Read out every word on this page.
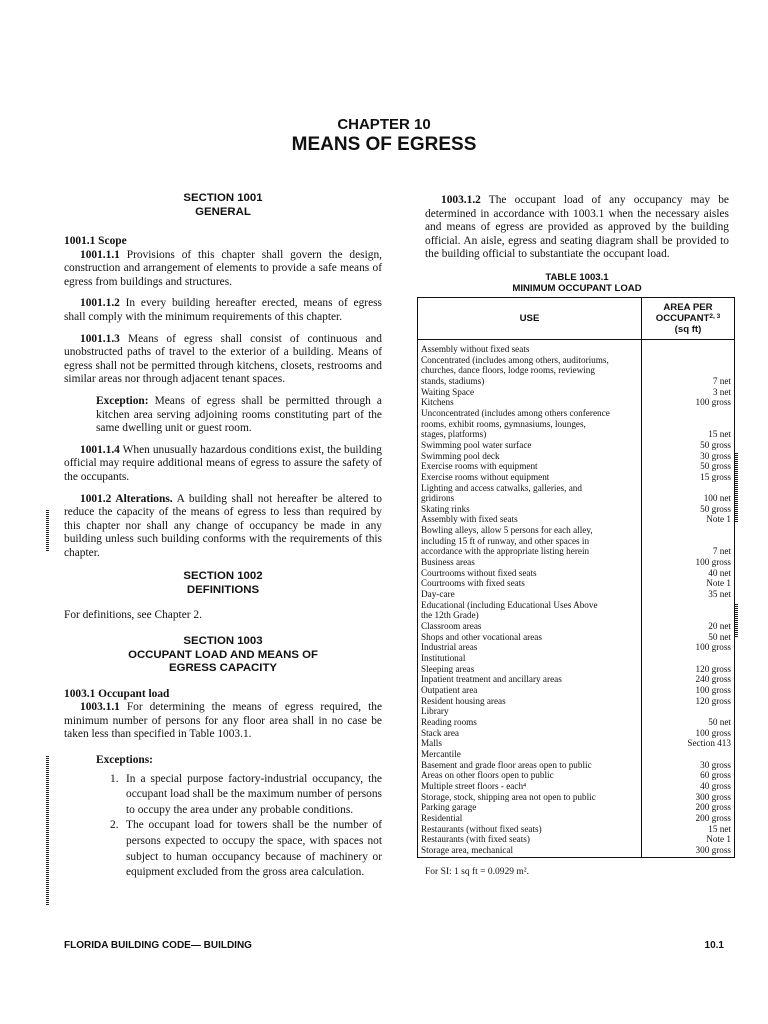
CHAPTER 10
MEANS OF EGRESS
SECTION 1001
GENERAL

1001.1 Scope

1001.1.1 Provisions of this chapter shall govern the design, construction and arrangement of elements to provide a safe means of egress from buildings and structures.

1001.1.2 In every building hereafter erected, means of egress shall comply with the minimum requirements of this chapter.

1001.1.3 Means of egress shall consist of continuous and unobstructed paths of travel to the exterior of a building. Means of egress shall not be permitted through kitchens, closets, restrooms and similar areas nor through adjacent tenant spaces.

Exception: Means of egress shall be permitted through a kitchen area serving adjoining rooms constituting part of the same dwelling unit or guest room.

1001.1.4 When unusually hazardous conditions exist, the building official may require additional means of egress to assure the safety of the occupants.

1001.2 Alterations. A building shall not hereafter be altered to reduce the capacity of the means of egress to less than required by this chapter nor shall any change of occupancy be made in any building unless such building conforms with the requirements of this chapter.

SECTION 1002
DEFINITIONS

For definitions, see Chapter 2.

SECTION 1003
OCCUPANT LOAD AND MEANS OF
EGRESS CAPACITY

1003.1 Occupant load

1003.1.1 For determining the means of egress required, the minimum number of persons for any floor area shall in no case be taken less than specified in Table 1003.1.

Exceptions:

1. In a special purpose factory-industrial occupancy, the occupant load shall be the maximum number of persons to occupy the area under any probable conditions.
2. The occupant load for towers shall be the number of persons expected to occupy the space, with spaces not subject to human occupancy because of machinery or equipment excluded from the gross area calculation.

1003.1.2 The occupant load of any occupancy may be determined in accordance with 1003.1 when the necessary aisles and means of egress are provided as approved by the building official. An aisle, egress and seating diagram shall be provided to the building official to substantiate the occupant load.

TABLE 1003.1
MINIMUM OCCUPANT LOAD
USE	AREA PER
OCCUPANT$^{2, 3}$
(sq ft)

Assembly without fixed seats	
Concentrated (includes among others, auditoriums,	
churches, dance floors, lodge rooms, reviewing	
stands, stadiums)	7 net
Waiting Space	3 net
Kitchens	100 gross
Unconcentrated (includes among others conference	
rooms, exhibit rooms, gymnasiums, lounges,	
stages, platforms)	15 net
Swimming pool water surface	50 gross
Swimming pool deck	30 gross
Exercise rooms with equipment	50 gross
Exercise rooms without equipment	15 gross
Lighting and access catwalks, galleries, and	
gridirons	100 net
Skating rinks	50 gross
Assembly with fixed seats	Note 1
Bowling alleys, allow 5 persons for each alley,	
including 15 ft of runway, and other spaces in	
accordance with the appropriate listing herein	7 net
Business areas	100 gross
Courtrooms without fixed seats	40 net
Courtrooms with fixed seats	Note 1
Day-care	35 net
Educational (including Educational Uses Above	
the 12th Grade)	
Classroom areas	20 net
Shops and other vocational areas	50 net
Industrial areas	100 gross
Institutional	
Sleeping areas	120 gross
Inpatient treatment and ancillary areas	240 gross
Outpatient area	100 gross
Resident housing areas	120 gross
Library	
Reading rooms	50 net
Stack area	100 gross
Malls	Section 413
Mercantile	
Basement and grade floor areas open to public	30 gross
Areas on other floors open to public	60 gross
Multiple street floors - each⁴	40 gross
Storage, stock, shipping area not open to public	300 gross
Parking garage	200 gross
Residential	200 gross
Restaurants (without fixed seats)	15 net
Restaurants (with fixed seats)	Note 1
Storage area, mechanical	300 gross
For SI: 1 sq ft = 0.0929 m².
FLORIDA BUILDING CODE— BUILDING	10.1
